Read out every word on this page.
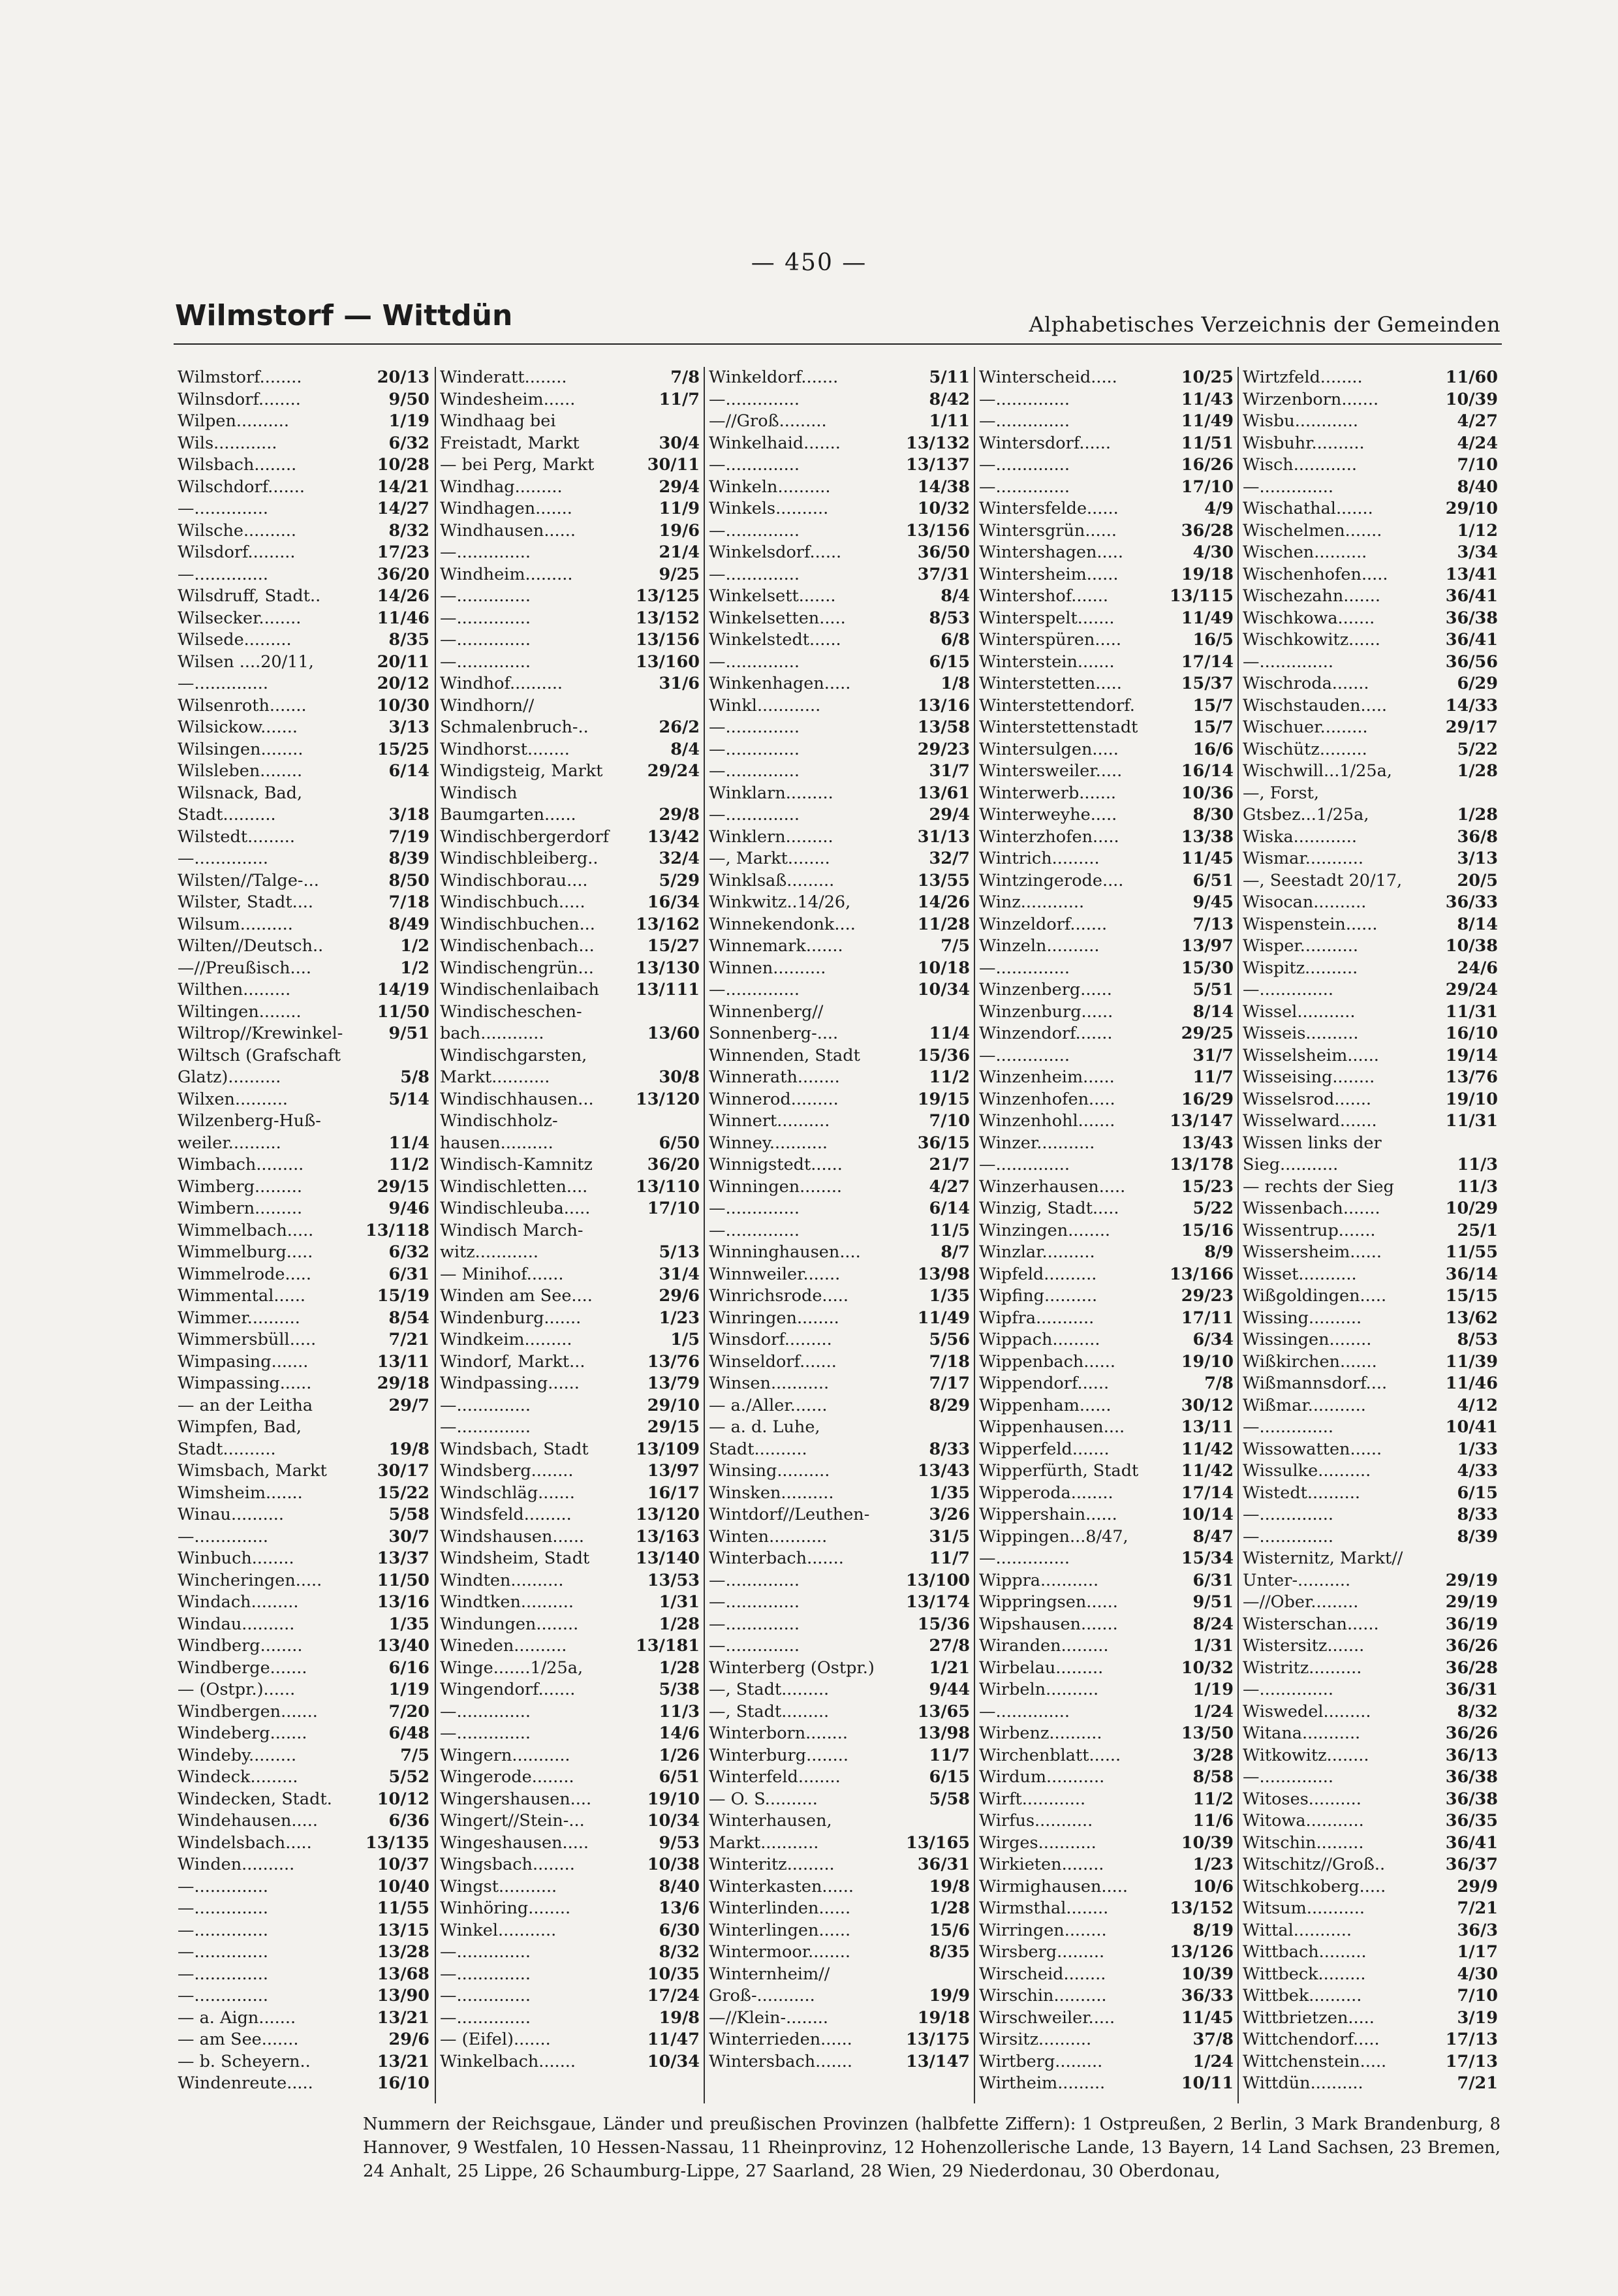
— 450 —
Wilmstorf — Wittdün	Alphabetisches Verzeichnis der Gemeinden
Wilmstorf........	20/13
Wilnsdorf........	9/50
Wilpen..........	1/19
Wils............	6/32
Wilsbach........	10/28
Wilschdorf.......	14/21
—..............	14/27
Wilsche..........	8/32
Wilsdorf.........	17/23
—..............	36/20
Wilsdruff, Stadt..	14/26
Wilsecker........	11/46
Wilsede.........	8/35
Wilsen ....20/11,	20/11
—..............	20/12
Wilsenroth.......	10/30
Wilsickow.......	3/13
Wilsingen........	15/25
Wilsleben........	6/14
Wilsnack, Bad,
Stadt..........	3/18
Wilstedt.........	7/19
—..............	8/39
Wilsten//Talge-...	8/50
Wilster, Stadt....	7/18
Wilsum..........	8/49
Wilten//Deutsch..	1/2
—//Preußisch....	1/2
Wilthen.........	14/19
Wiltingen........	11/50
Wiltrop//Krewinkel-	9/51
Wiltsch (Grafschaft
Glatz)..........	5/8
Wilxen..........	5/14
Wilzenberg-Huß-
weiler..........	11/4
Wimbach.........	11/2
Wimberg.........	29/15
Wimbern.........	9/46
Wimmelbach.....	13/118
Wimmelburg.....	6/32
Wimmelrode.....	6/31
Wimmental......	15/19
Wimmer..........	8/54
Wimmersbüll.....	7/21
Wimpasing.......	13/11
Wimpassing......	29/18
— an der Leitha	29/7
Wimpfen, Bad,
Stadt..........	19/8
Wimsbach, Markt	30/17
Wimsheim.......	15/22
Winau..........	5/58
—..............	30/7
Winbuch........	13/37
Wincheringen.....	11/50
Windach.........	13/16
Windau..........	1/35
Windberg........	13/40
Windberge.......	6/16
— (Ostpr.)......	1/19
Windbergen.......	7/20
Windeberg.......	6/48
Windeby.........	7/5
Windeck.........	5/52
Windecken, Stadt.	10/12
Windehausen.....	6/36
Windelsbach.....	13/135
Winden..........	10/37
—..............	10/40
—..............	11/55
—..............	13/15
—..............	13/28
—..............	13/68
—..............	13/90
— a. Aign.......	13/21
— am See.......	29/6
— b. Scheyern..	13/21
Windenreute.....	16/10
Winderatt........	7/8
Windesheim......	11/7
Windhaag bei
Freistadt, Markt	30/4
— bei Perg, Markt	30/11
Windhag.........	29/4
Windhagen.......	11/9
Windhausen......	19/6
—..............	21/4
Windheim.........	9/25
—..............	13/125
—..............	13/152
—..............	13/156
—..............	13/160
Windhof..........	31/6
Windhorn//
Schmalenbruch-..	26/2
Windhorst........	8/4
Windigsteig, Markt	29/24
Windisch
Baumgarten......	29/8
Windischbergerdorf	13/42
Windischbleiberg..	32/4
Windischborau....	5/29
Windischbuch.....	16/34
Windischbuchen...	13/162
Windischenbach...	15/27
Windischengrün...	13/130
Windischenlaibach	13/111
Windischeschen-
bach............	13/60
Windischgarsten,
Markt...........	30/8
Windischhausen...	13/120
Windischholz-
hausen..........	6/50
Windisch-Kamnitz	36/20
Windischletten....	13/110
Windischleuba.....	17/10
Windisch March-
witz............	5/13
— Minihof.......	31/4
Winden am See....	29/6
Windenburg.......	1/23
Windkeim.........	1/5
Windorf, Markt...	13/76
Windpassing......	13/79
—..............	29/10
—..............	29/15
Windsbach, Stadt	13/109
Windsberg........	13/97
Windschläg.......	16/17
Windsfeld.........	13/120
Windshausen......	13/163
Windsheim, Stadt	13/140
Windten..........	13/53
Windtken..........	1/31
Windungen........	1/28
Wineden..........	13/181
Winge.......1/25a,	1/28
Wingendorf.......	5/38
—..............	11/3
—..............	14/6
Wingern...........	1/26
Wingerode........	6/51
Wingershausen....	19/10
Wingert//Stein-...	10/34
Wingeshausen.....	9/53
Wingsbach........	10/38
Wingst...........	8/40
Winhöring........	13/6
Winkel...........	6/30
—..............	8/32
—..............	10/35
—..............	17/24
—..............	19/8
— (Eifel).......	11/47
Winkelbach.......	10/34
Winkeldorf.......	5/11
—..............	8/42
—//Groß.........	1/11
Winkelhaid.......	13/132
—..............	13/137
Winkeln..........	14/38
Winkels..........	10/32
—..............	13/156
Winkelsdorf......	36/50
—..............	37/31
Winkelsett.......	8/4
Winkelsetten.....	8/53
Winkelstedt......	6/8
—..............	6/15
Winkenhagen.....	1/8
Winkl............	13/16
—..............	13/58
—..............	29/23
—..............	31/7
Winklarn.........	13/61
—..............	29/4
Winklern.........	31/13
—, Markt........	32/7
Winklsaß.........	13/55
Winkwitz..14/26,	14/26
Winnekendonk....	11/28
Winnemark.......	7/5
Winnen..........	10/18
—..............	10/34
Winnenberg//
Sonnenberg-....	11/4
Winnenden, Stadt	15/36
Winnerath........	11/2
Winnerod.........	19/15
Winnert..........	7/10
Winney...........	36/15
Winnigstedt......	21/7
Winningen........	4/27
—..............	6/14
—..............	11/5
Winninghausen....	8/7
Winnweiler.......	13/98
Winrichsrode.....	1/35
Winringen........	11/49
Winsdorf.........	5/56
Winseldorf.......	7/18
Winsen...........	7/17
— a./Aller.......	8/29
— a. d. Luhe,
Stadt..........	8/33
Winsing..........	13/43
Winsken..........	1/35
Wintdorf//Leuthen-	3/26
Winten...........	31/5
Winterbach.......	11/7
—..............	13/100
—..............	13/174
—..............	15/36
—..............	27/8
Winterberg (Ostpr.)	1/21
—, Stadt.........	9/44
—, Stadt.........	13/65
Winterborn........	13/98
Winterburg........	11/7
Winterfeld........	6/15
— O. S..........	5/58
Winterhausen,
Markt...........	13/165
Winteritz.........	36/31
Winterkasten......	19/8
Winterlinden......	1/28
Winterlingen......	15/6
Wintermoor........	8/35
Winternheim//
Groß-...........	19/9
—//Klein-........	19/18
Winterrieden......	13/175
Wintersbach.......	13/147
Winterscheid.....	10/25
—..............	11/43
—..............	11/49
Wintersdorf......	11/51
—..............	16/26
—..............	17/10
Wintersfelde......	4/9
Wintersgrün......	36/28
Wintershagen.....	4/30
Wintersheim......	19/18
Wintershof.......	13/115
Winterspelt.......	11/49
Winterspüren.....	16/5
Winterstein.......	17/14
Winterstetten.....	15/37
Winterstettendorf.	15/7
Winterstettenstadt	15/7
Wintersulgen.....	16/6
Wintersweiler.....	16/14
Winterwerb.......	10/36
Winterweyhe.....	8/30
Winterzhofen.....	13/38
Wintrich.........	11/45
Wintzingerode....	6/51
Winz............	9/45
Winzeldorf.......	7/13
Winzeln..........	13/97
—..............	15/30
Winzenberg......	5/51
Winzenburg......	8/14
Winzendorf.......	29/25
—..............	31/7
Winzenheim......	11/7
Winzenhofen.....	16/29
Winzenhohl.......	13/147
Winzer...........	13/43
—..............	13/178
Winzerhausen.....	15/23
Winzig, Stadt.....	5/22
Winzingen........	15/16
Winzlar..........	8/9
Wipfeld..........	13/166
Wipfing..........	29/23
Wipfra...........	17/11
Wippach.........	6/34
Wippenbach......	19/10
Wippendorf......	7/8
Wippenham......	30/12
Wippenhausen....	13/11
Wipperfeld.......	11/42
Wipperfürth, Stadt	11/42
Wipperoda........	17/14
Wippershain......	10/14
Wippingen...8/47,	8/47
—..............	15/34
Wippra...........	6/31
Wippringsen......	9/51
Wipshausen.......	8/24
Wiranden.........	1/31
Wirbelau.........	10/32
Wirbeln..........	1/19
—..............	1/24
Wirbenz..........	13/50
Wirchenblatt......	3/28
Wirdum...........	8/58
Wirft............	11/2
Wirfus...........	11/6
Wirges...........	10/39
Wirkieten........	1/23
Wirmighausen.....	10/6
Wirmsthal........	13/152
Wirringen........	8/19
Wirsberg.........	13/126
Wirscheid........	10/39
Wirschin..........	36/33
Wirschweiler.....	11/45
Wirsitz..........	37/8
Wirtberg.........	1/24
Wirtheim.........	10/11
Wirtzfeld........	11/60
Wirzenborn.......	10/39
Wisbu............	4/27
Wisbuhr..........	4/24
Wisch............	7/10
—..............	8/40
Wischathal.......	29/10
Wischelmen.......	1/12
Wischen..........	3/34
Wischenhofen.....	13/41
Wischezahn.......	36/41
Wischkowa.......	36/38
Wischkowitz......	36/41
—..............	36/56
Wischroda.......	6/29
Wischstauden.....	14/33
Wischuer.........	29/17
Wischütz.........	5/22
Wischwill...1/25a,	1/28
—, Forst,
Gtsbez...1/25a,	1/28
Wiska............	36/8
Wismar...........	3/13
—, Seestadt 20/17,	20/5
Wisocan..........	36/33
Wispenstein......	8/14
Wisper...........	10/38
Wispitz..........	24/6
—..............	29/24
Wissel...........	11/31
Wisseis..........	16/10
Wisselsheim......	19/14
Wisseising........	13/76
Wisselsrod.......	19/10
Wisselward.......	11/31
Wissen links der
Sieg...........	11/3
— rechts der Sieg	11/3
Wissenbach.......	10/29
Wissentrup.......	25/1
Wissersheim......	11/55
Wisset...........	36/14
Wißgoldingen.....	15/15
Wissing..........	13/62
Wissingen........	8/53
Wißkirchen.......	11/39
Wißmannsdorf....	11/46
Wißmar...........	4/12
—..............	10/41
Wissowatten......	1/33
Wissulke..........	4/33
Wistedt..........	6/15
—..............	8/33
—..............	8/39
Wisternitz, Markt//
Unter-..........	29/19
—//Ober.........	29/19
Wisterschan......	36/19
Wistersitz.......	36/26
Wistritz..........	36/28
—..............	36/31
Wiswedel.........	8/32
Witana...........	36/26
Witkowitz........	36/13
—..............	36/38
Witoses..........	36/38
Witowa...........	36/35
Witschin.........	36/41
Witschitz//Groß..	36/37
Witschkoberg.....	29/9
Witsum...........	7/21
Wittal...........	36/3
Wittbach.........	1/17
Wittbeck.........	4/30
Wittbek..........	7/10
Wittbrietzen.....	3/19
Wittchendorf.....	17/13
Wittchenstein.....	17/13
Wittdün..........	7/21
Nummern der Reichsgaue, Länder und preußischen Provinzen (halbfette Ziffern): 1 Ostpreußen, 2 Berlin, 3 Mark Brandenburg, 8 Hannover, 9 Westfalen, 10 Hessen-Nassau, 11 Rheinprovinz, 12 Hohenzollerische Lande, 13 Bayern, 14 Land Sachsen, 23 Bremen, 24 Anhalt, 25 Lippe, 26 Schaumburg-Lippe, 27 Saarland, 28 Wien, 29 Niederdonau, 30 Oberdonau,
